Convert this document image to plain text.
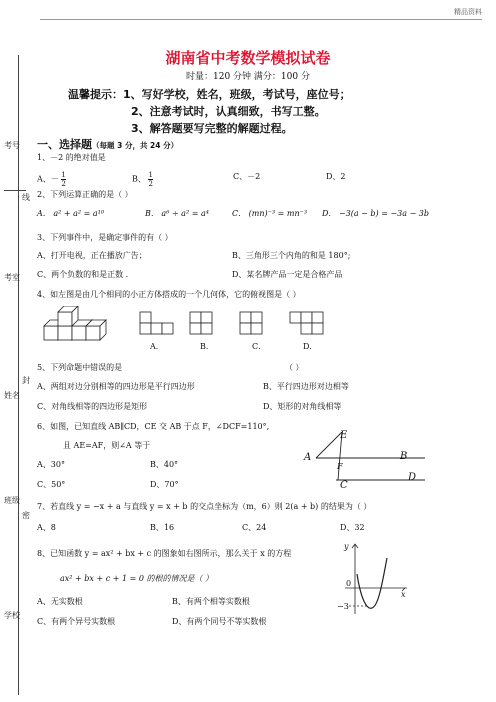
精品资料
考号
线
考室
姓名
封
班级
密
学校
湖南省中考数学模拟试卷
时量：120 分钟 满分：100 分
温馨提示：1、写好学校，姓名，班级，考试号，座位号；
2、注意考试时，认真细致，书写工整。
3、解答题要写完整的解题过程。
一、选择题（每题 3 分，共 24 分）
1、－2 的绝对值是
A、－ $\frac{1}{2}$	B、 $\frac{1}{2}$	C、－2	D、2
2、下列运算正确的是（ ）
A． a² + a² = a¹⁰	B． a⁶ ÷ a² = a⁴	C． (mn)⁻³ = mn⁻³ D． −3(a − b) = −3a − 3b
3、下列事件中，是确定事件的有（ ）
A、打开电视，正在播放广告；	B、三角形三个内角的和是 180°;
C、两个负数的和是正数 .	D、某名牌产品一定是合格产品
4、如左图是由几个相同的小正方体搭成的一个几何体，它的俯视图是（ ）
A．	B．	C．	D．
5、下列命题中错误的是	（ ）
A、两组对边分别相等的四边形是平行四边形	B、平行四边形对边相等
C、对角线相等的四边形是矩形	D、矩形的对角线相等
6、如图，已知直线 AB∥CD，CE 交 AB 于点 F，∠DCF=110°,
且 AE=AF，则∠A 等于
A、30°	B、40°
C、50°	D、70°
E
A	B
F
C
D
7、若直线 y = −x + a 与直线 y = x + b 的交点坐标为（m，6）则 2(a + b) 的结果为（ ）
A、8	B、16	C、24	D、32
8、已知函数 y = ax² + bx + c 的图象如右图所示，那么关于 x 的方程
ax² + bx + c + 1 = 0 的根的情况是（ ）
A、无实数根	B、有两个相等实数根
C、有两个异号实数根	D、有两个同号不等实数根
y
x
0
−3
